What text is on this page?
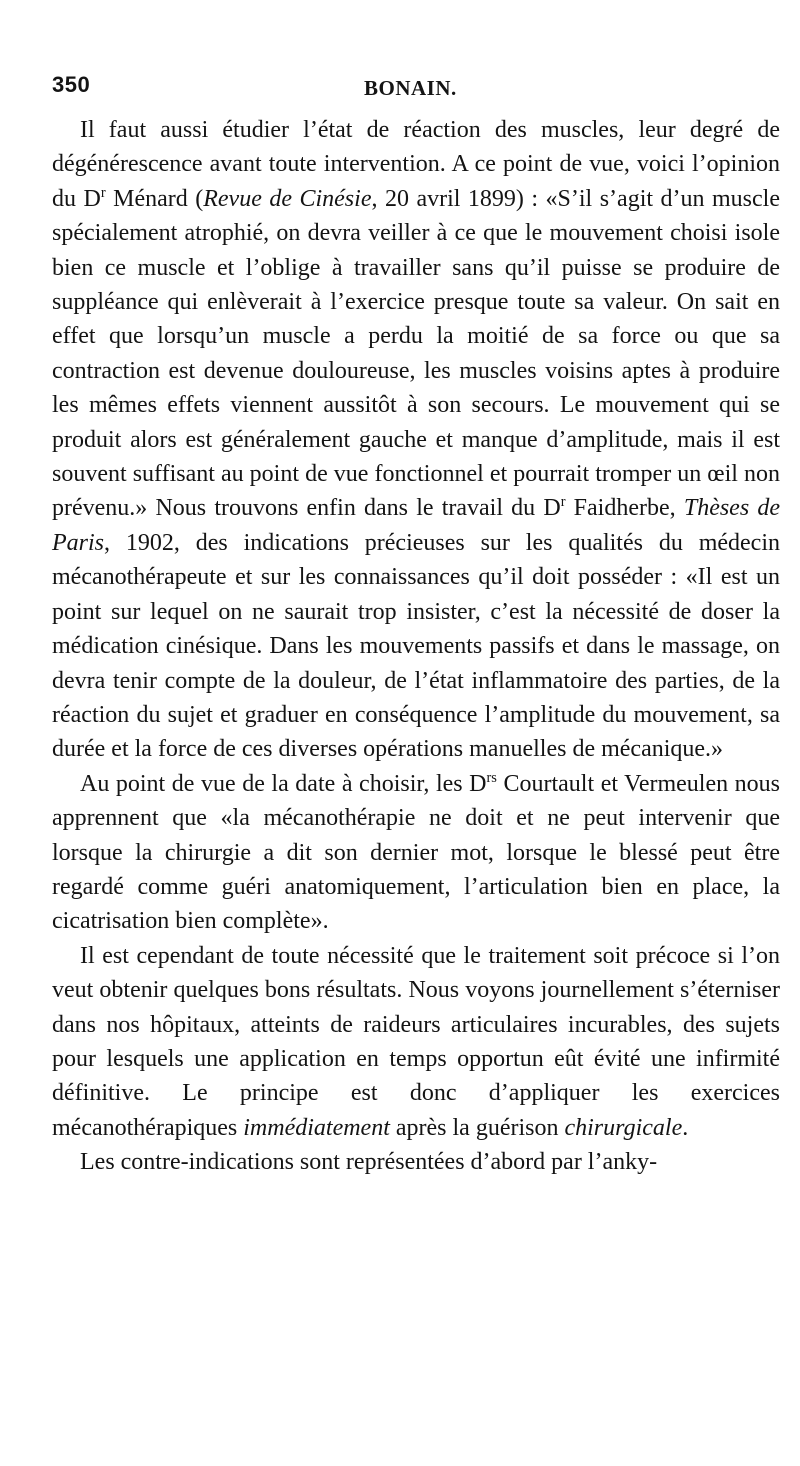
350	BONAIN.

Il faut aussi étudier l’état de réaction des muscles, leur degré de dégénérescence avant toute intervention. A ce point de vue, voici l’opinion du $D^r$ Ménard (Revue de Cinésie, 20 avril 1899) : «S’il s’agit d’un muscle spécialement atrophié, on devra veiller à ce que le mouvement choisi isole bien ce muscle et l’oblige à travailler sans qu’il puisse se produire de suppléance qui enlèverait à l’exercice presque toute sa valeur. On sait en effet que lorsqu’un muscle a perdu la moitié de sa force ou que sa contraction est devenue douloureuse, les muscles voisins aptes à produire les mêmes effets viennent aussitôt à son secours. Le mouvement qui se produit alors est généralement gauche et manque d’amplitude, mais il est souvent suffisant au point de vue fonctionnel et pourrait tromper un œil non prévenu.» Nous trouvons enfin dans le travail du $D^r$ Faidherbe, Thèses de Paris, 1902, des indications précieuses sur les qualités du médecin mécanothérapeute et sur les connaissances qu’il doit posséder : «Il est un point sur lequel on ne saurait trop insister, c’est la nécessité de doser la médication cinésique. Dans les mouvements passifs et dans le massage, on devra tenir compte de la douleur, de l’état inflammatoire des parties, de la réaction du sujet et graduer en conséquence l’amplitude du mouvement, sa durée et la force de ces diverses opérations manuelles de mécanique.»

Au point de vue de la date à choisir, les $D^{rs}$ Courtault et Vermeulen nous apprennent que «la mécanothérapie ne doit et ne peut intervenir que lorsque la chirurgie a dit son dernier mot, lorsque le blessé peut être regardé comme guéri anatomiquement, l’articulation bien en place, la cicatrisation bien complète».

Il est cependant de toute nécessité que le traitement soit précoce si l’on veut obtenir quelques bons résultats. Nous voyons journellement s’éterniser dans nos hôpitaux, atteints de raideurs articulaires incurables, des sujets pour lesquels une application en temps opportun eût évité une infirmité définitive. Le principe est donc d’appliquer les exercices mécanothérapiques immédiatement après la guérison chirurgicale.

Les contre-indications sont représentées d’abord par l’anky-
